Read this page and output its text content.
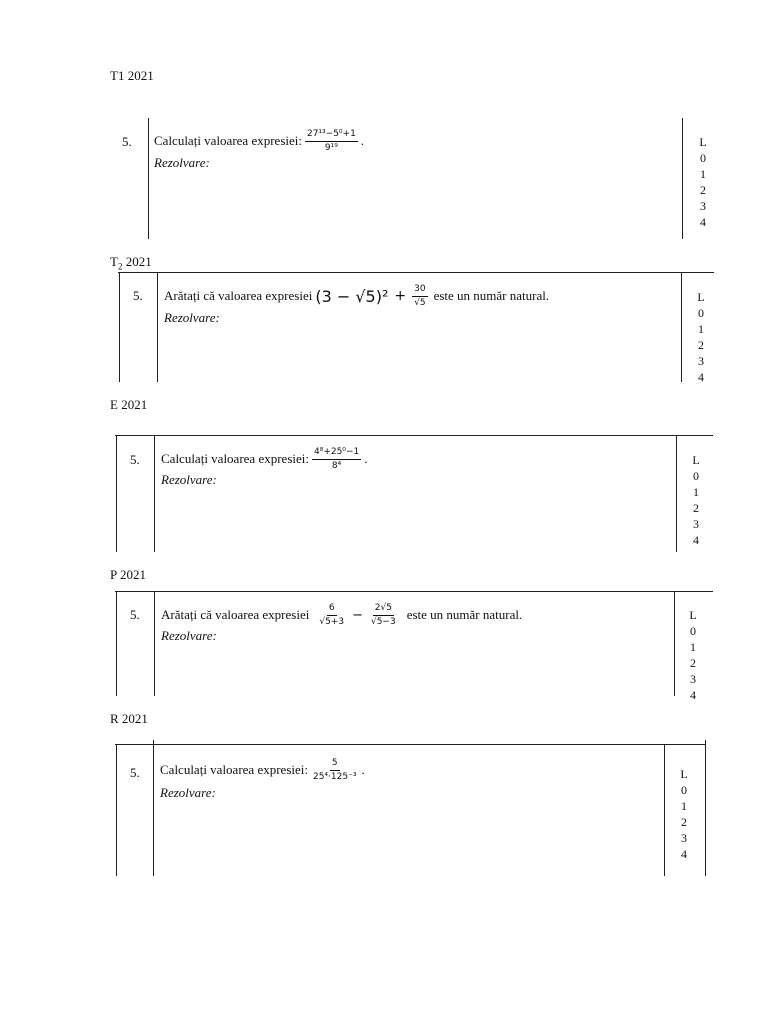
T1 2021
5. Calculați valoarea expresiei: $\frac{\text{27¹³−5⁰+1}}{\text{9¹⁹}}$ .
Rezolvare:
L
0
1
2
3
4
$T_2$ 2021
5. Arătați că valoarea expresiei $(3 - √5)^2 + \frac{30}{√5}$ este un număr natural.
Rezolvare:
L
0
1
2
3
4
E 2021
5. Calculați valoarea expresiei: $\frac{\text{4⁸+25⁰−1}}{\text{8⁴}}$ .
Rezolvare:
L
0
1
2
3
4
P 2021
5. Arătați că valoarea expresiei $\frac{6}{√5+3} - \frac{2√5}{√5-3}$ este un număr natural.
Rezolvare:
L
0
1
2
3
4
R 2021
5. Calculați valoarea expresiei: $\frac{5}{\text{25⁴·125⁻³}}$ .
Rezolvare:
L
0
1
2
3
4
